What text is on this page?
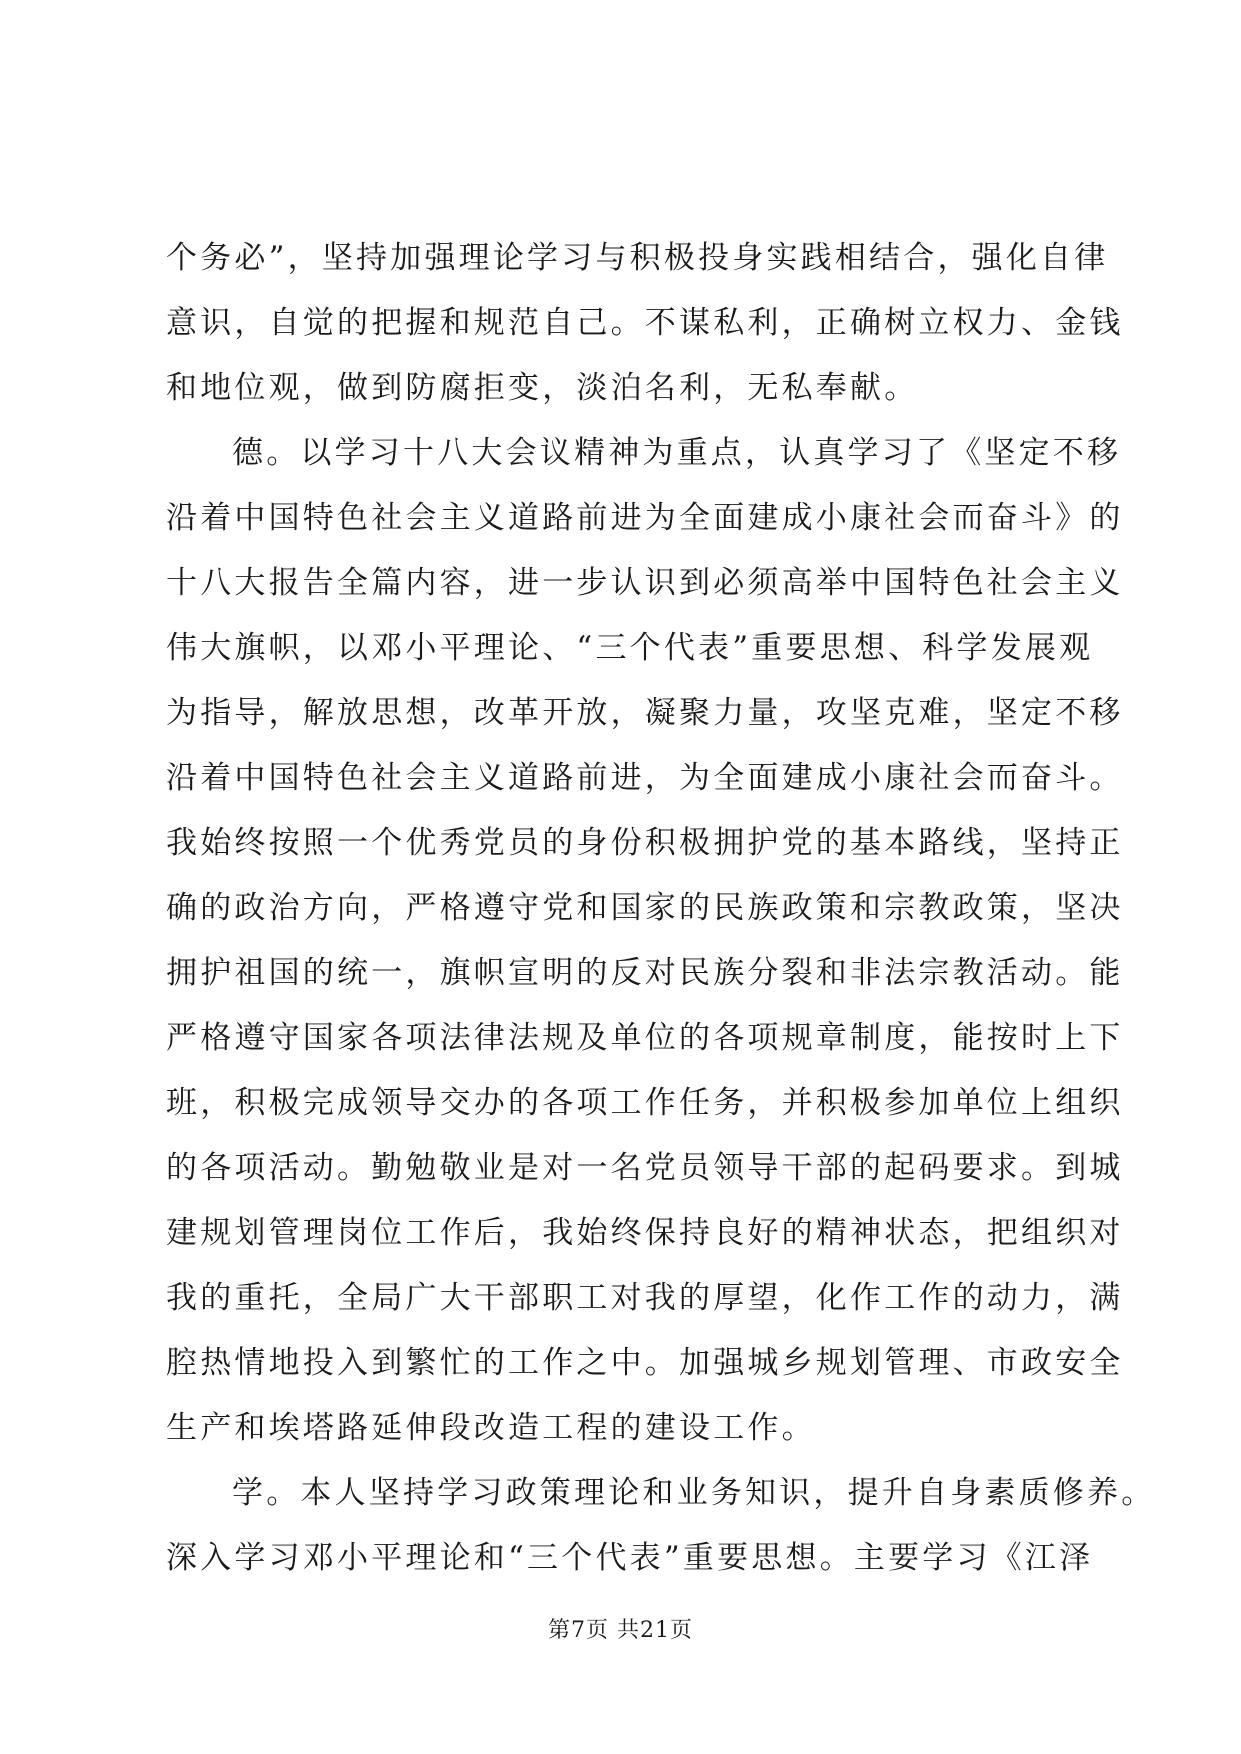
个务必”，坚持加强理论学习与积极投身实践相结合，强化自律
意识，自觉的把握和规范自己。不谋私利，正确树立权力、金钱
和地位观，做到防腐拒变，淡泊名利，无私奉献。
德。以学习十八大会议精神为重点，认真学习了《坚定不移
沿着中国特色社会主义道路前进为全面建成小康社会而奋斗》的
十八大报告全篇内容，进一步认识到必须高举中国特色社会主义
伟大旗帜，以邓小平理论、“三个代表”重要思想、科学发展观
为指导，解放思想，改革开放，凝聚力量，攻坚克难，坚定不移
沿着中国特色社会主义道路前进，为全面建成小康社会而奋斗。
我始终按照一个优秀党员的身份积极拥护党的基本路线，坚持正
确的政治方向，严格遵守党和国家的民族政策和宗教政策，坚决
拥护祖国的统一，旗帜宣明的反对民族分裂和非法宗教活动。能
严格遵守国家各项法律法规及单位的各项规章制度，能按时上下
班，积极完成领导交办的各项工作任务，并积极参加单位上组织
的各项活动。勤勉敬业是对一名党员领导干部的起码要求。到城
建规划管理岗位工作后，我始终保持良好的精神状态，把组织对
我的重托，全局广大干部职工对我的厚望，化作工作的动力，满
腔热情地投入到繁忙的工作之中。加强城乡规划管理、市政安全
生产和埃塔路延伸段改造工程的建设工作。
学。本人坚持学习政策理论和业务知识，提升自身素质修养。
深入学习邓小平理论和“三个代表”重要思想。主要学习《江泽
第7页 共21页
